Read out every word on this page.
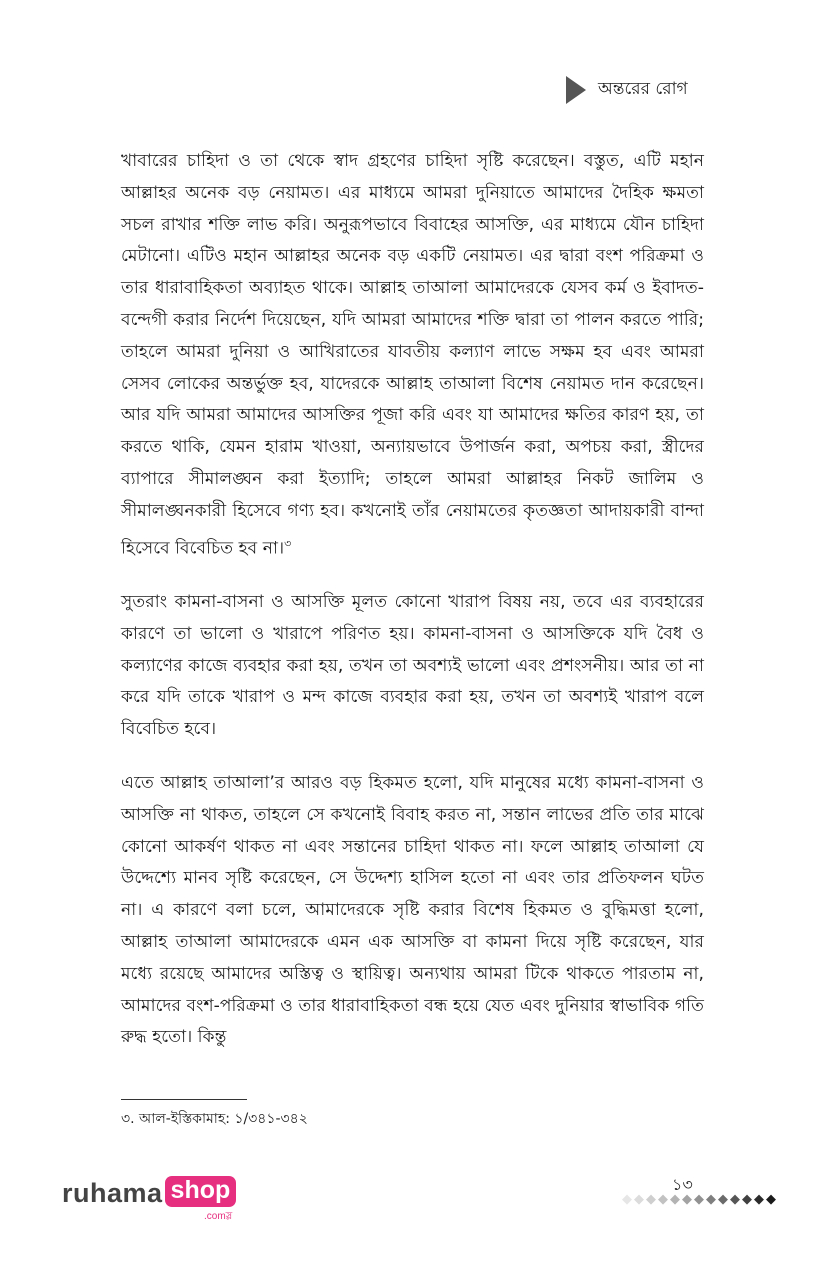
অন্তরের রোগ

খাবারের চাহিদা ও তা থেকে স্বাদ গ্রহণের চাহিদা সৃষ্টি করেছেন। বস্তুত, এটি মহান আল্লাহর অনেক বড় নেয়ামত। এর মাধ্যমে আমরা দুনিয়াতে আমাদের দৈহিক ক্ষমতা সচল রাখার শক্তি লাভ করি। অনুরূপভাবে বিবাহের আসক্তি, এর মাধ্যমে যৌন চাহিদা মেটানো। এটিও মহান আল্লাহর অনেক বড় একটি নেয়ামত। এর দ্বারা বংশ পরিক্রমা ও তার ধারাবাহিকতা অব্যাহত থাকে। আল্লাহ তাআলা আমাদেরকে যেসব কর্ম ও ইবাদত-বন্দেগী করার নির্দেশ দিয়েছেন, যদি আমরা আমাদের শক্তি দ্বারা তা পালন করতে পারি; তাহলে আমরা দুনিয়া ও আখিরাতের যাবতীয় কল্যাণ লাভে সক্ষম হব এবং আমরা সেসব লোকের অন্তর্ভুক্ত হব, যাদেরকে আল্লাহ তাআলা বিশেষ নেয়ামত দান করেছেন। আর যদি আমরা আমাদের আসক্তির পূজা করি এবং যা আমাদের ক্ষতির কারণ হয়, তা করতে থাকি, যেমন হারাম খাওয়া, অন্যায়ভাবে উপার্জন করা, অপচয় করা, স্ত্রীদের ব্যাপারে সীমালঙ্ঘন করা ইত্যাদি; তাহলে আমরা আল্লাহর নিকট জালিম ও সীমালঙ্ঘনকারী হিসেবে গণ্য হব। কখনোই তাঁর নেয়ামতের কৃতজ্ঞতা আদায়কারী বান্দা হিসেবে বিবেচিত হব না।$^৩$

সুতরাং কামনা-বাসনা ও আসক্তি মূলত কোনো খারাপ বিষয় নয়, তবে এর ব্যবহারের কারণে তা ভালো ও খারাপে পরিণত হয়। কামনা-বাসনা ও আসক্তিকে যদি বৈধ ও কল্যাণের কাজে ব্যবহার করা হয়, তখন তা অবশ্যই ভালো এবং প্রশংসনীয়। আর তা না করে যদি তাকে খারাপ ও মন্দ কাজে ব্যবহার করা হয়, তখন তা অবশ্যই খারাপ বলে বিবেচিত হবে।

এতে আল্লাহ তাআলা’র আরও বড় হিকমত হলো, যদি মানুষের মধ্যে কামনা-বাসনা ও আসক্তি না থাকত, তাহলে সে কখনোই বিবাহ করত না, সন্তান লাভের প্রতি তার মাঝে কোনো আকর্ষণ থাকত না এবং সন্তানের চাহিদা থাকত না। ফলে আল্লাহ তাআলা যে উদ্দেশ্যে মানব সৃষ্টি করেছেন, সে উদ্দেশ্য হাসিল হতো না এবং তার প্রতিফলন ঘটত না। এ কারণে বলা চলে, আমাদেরকে সৃষ্টি করার বিশেষ হিকমত ও বুদ্ধিমত্তা হলো, আল্লাহ তাআলা আমাদেরকে এমন এক আসক্তি বা কামনা দিয়ে সৃষ্টি করেছেন, যার মধ্যে রয়েছে আমাদের অস্তিত্ব ও স্থায়িত্ব। অন্যথায় আমরা টিকে থাকতে পারতাম না, আমাদের বংশ-পরিক্রমা ও তার ধারাবাহিকতা বন্ধ হয়ে যেত এবং দুনিয়ার স্বাভাবিক গতি রুদ্ধ হতো। কিন্তু

৩. আল-ইস্তিকামাহ: ১/৩৪১-৩৪২
ruhama shop
.comস্ল
১৩
◆ ◆ ◆ ◆ ◆ ◆ ◆ ◆ ◆ ◆ ◆ ◆ ◆
